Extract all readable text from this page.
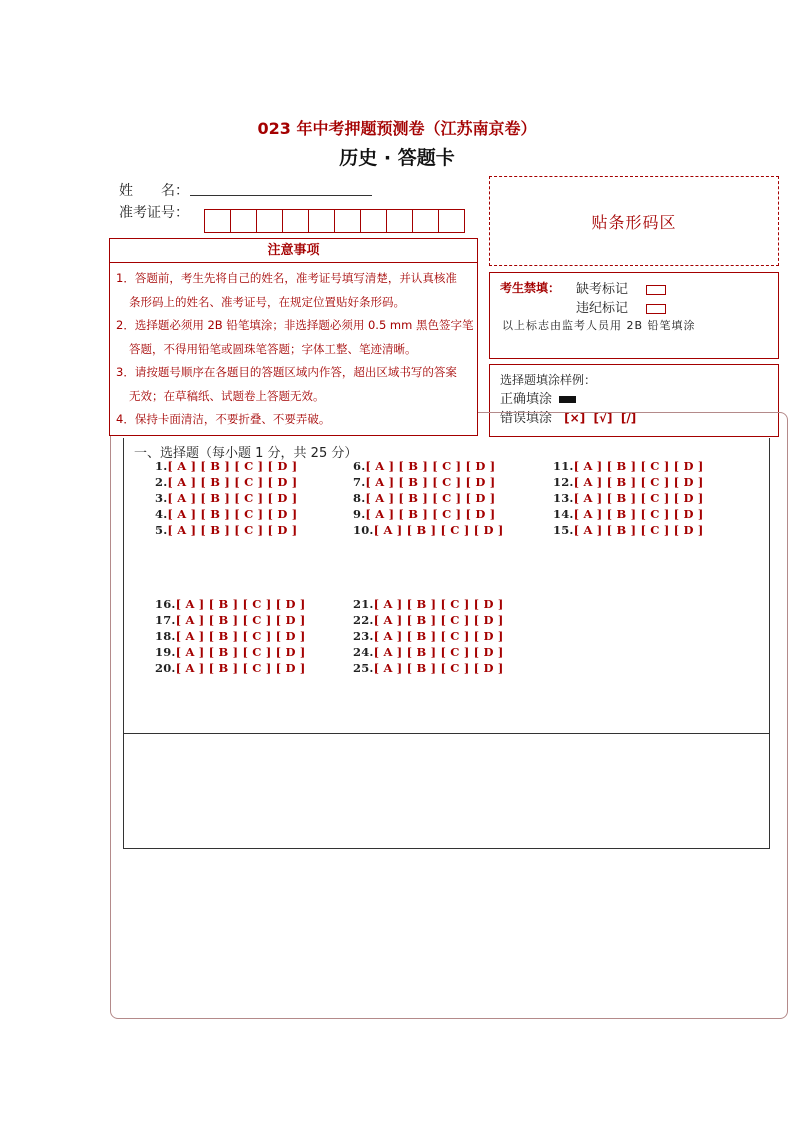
023 年中考押题预测卷（江苏南京卷）
历史 · 答题卡
姓　　名：
准考证号：	贴条形码区
考生禁填： 缺考标记
违纪标记
以上标志由监考人员用 2B 铅笔填涂
选择题填涂样例：
正确填涂
错误填涂 [×]  [√]  [/]
注意事项
1．答题前，考生先将自己的姓名，准考证号填写清楚，并认真核准
条形码上的姓名、准考证号，在规定位置贴好条形码。
2．选择题必须用 2B 铅笔填涂；非选择题必须用 0.5 mm 黑色签字笔
答题，不得用铅笔或圆珠笔答题；字体工整、笔迹清晰。
3．请按题号顺序在各题目的答题区域内作答，超出区域书写的答案
无效；在草稿纸、试题卷上答题无效。
4．保持卡面清洁，不要折叠、不要弄破。
一、选择题（每小题 1 分，共 25 分）
1.[ A ] [ B ] [ C ] [ D ]
2.[ A ] [ B ] [ C ] [ D ]
3.[ A ] [ B ] [ C ] [ D ]
4.[ A ] [ B ] [ C ] [ D ]
5.[ A ] [ B ] [ C ] [ D ]
6.[ A ] [ B ] [ C ] [ D ]
7.[ A ] [ B ] [ C ] [ D ]
8.[ A ] [ B ] [ C ] [ D ]
9.[ A ] [ B ] [ C ] [ D ]
10.[ A ] [ B ] [ C ] [ D ]
11.[ A ] [ B ] [ C ] [ D ]
12.[ A ] [ B ] [ C ] [ D ]
13.[ A ] [ B ] [ C ] [ D ]
14.[ A ] [ B ] [ C ] [ D ]
15.[ A ] [ B ] [ C ] [ D ]
16.[ A ] [ B ] [ C ] [ D ]
17.[ A ] [ B ] [ C ] [ D ]
18.[ A ] [ B ] [ C ] [ D ]
19.[ A ] [ B ] [ C ] [ D ]
20.[ A ] [ B ] [ C ] [ D ]
21.[ A ] [ B ] [ C ] [ D ]
22.[ A ] [ B ] [ C ] [ D ]
23.[ A ] [ B ] [ C ] [ D ]
24.[ A ] [ B ] [ C ] [ D ]
25.[ A ] [ B ] [ C ] [ D ]
